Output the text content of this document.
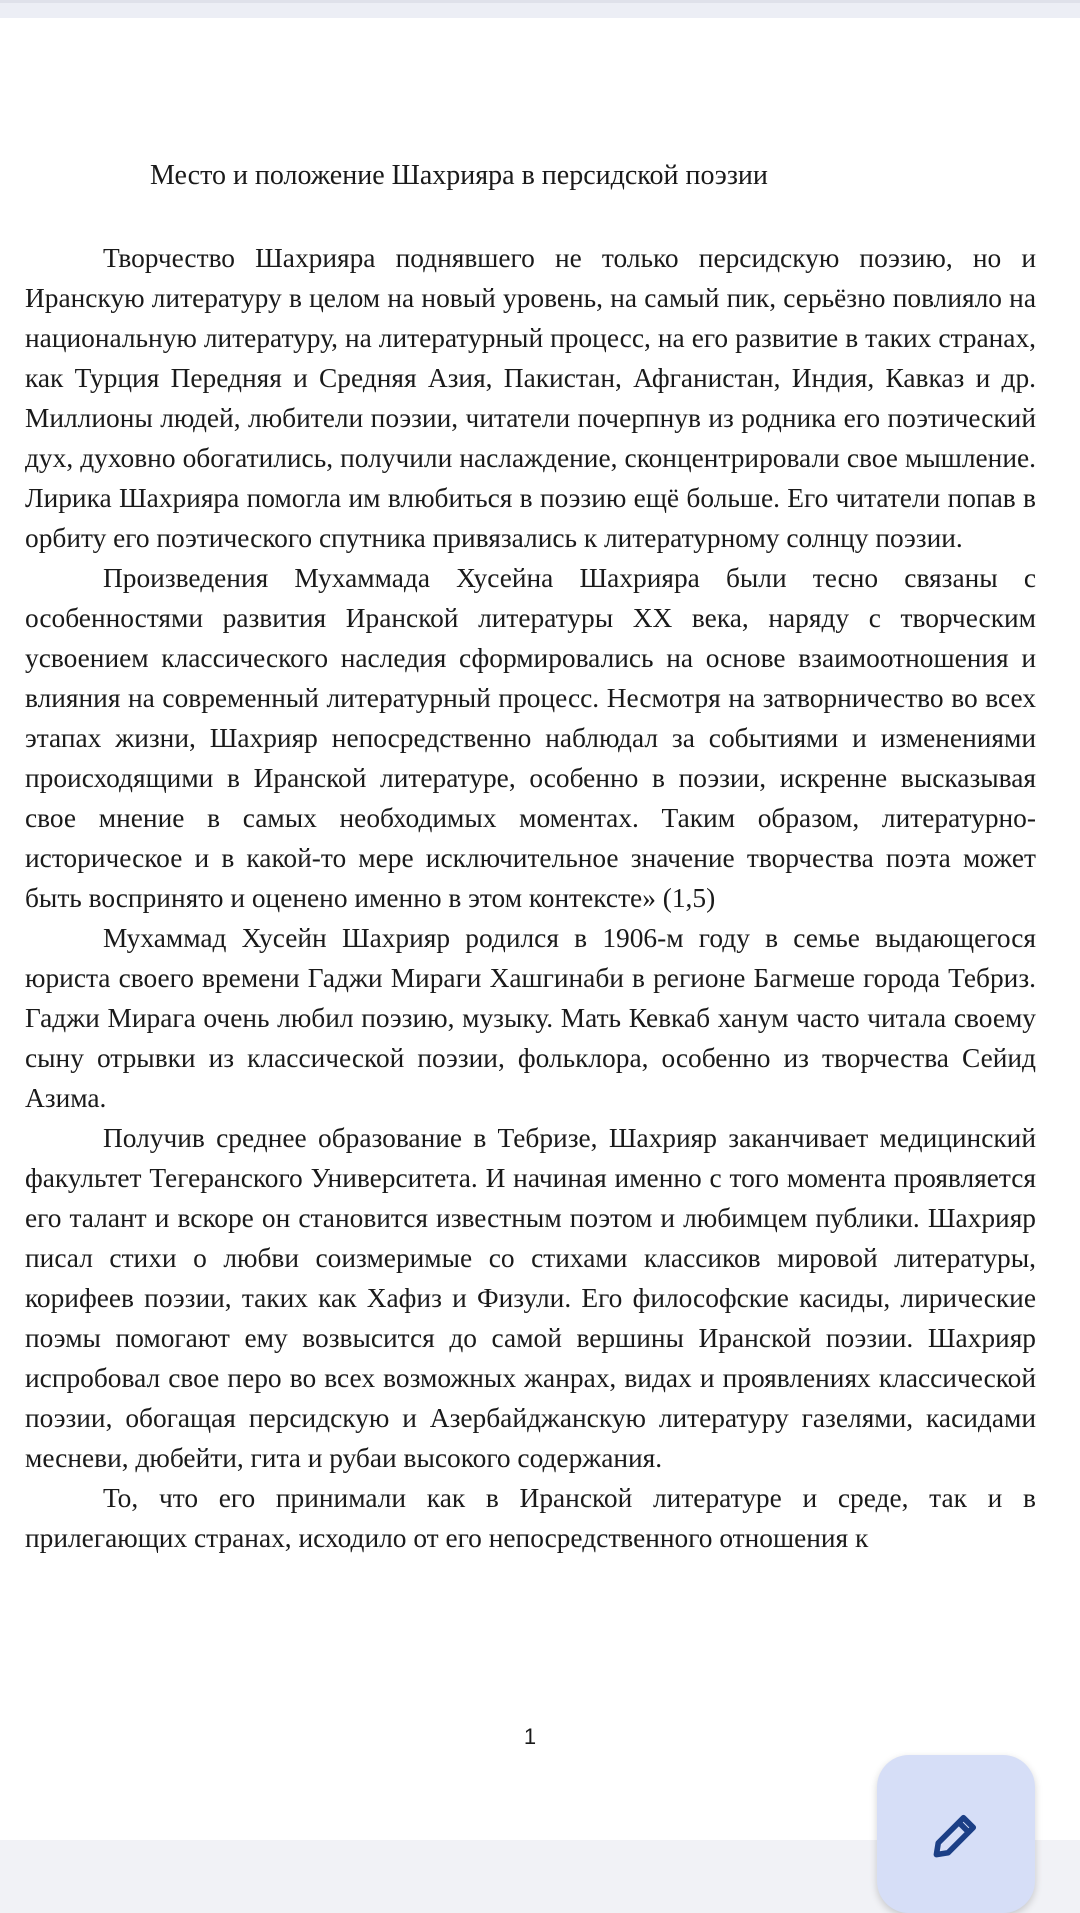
Место и положение Шахрияра в персидской поэзии

Творчество Шахрияра поднявшего не только персидскую поэзию, но и Иранскую литературу в целом на новый уровень, на самый пик, серьёзно повлияло на национальную литературу, на литературный процесс, на его развитие в таких странах, как Турция Передняя и Средняя Азия, Пакистан, Афганистан, Индия, Кавказ и др. Миллионы людей, любители поэзии, читатели почерпнув из родника его поэтический дух, духовно обогатились, получили наслаждение, сконцентрировали свое мышление. Лирика Шахрияра помогла им влюбиться в поэзию ещё больше. Его читатели попав в орбиту его поэтического спутника привязались к литературному солнцу поэзии.

Произведения Мухаммада Хусейна Шахрияра были тесно связаны с особенностями развития Иранской литературы XX века, наряду с творческим усвоением классического наследия сформировались на основе взаимоотношения и влияния на современный литературный процесс. Несмотря на затворничество во всех этапах жизни, Шахрияр непосредственно наблюдал за событиями и изменениями происходящими в Иранской литературе, особенно в поэзии, искренне высказывая свое мнение в самых необходимых моментах. Таким образом, литературно-историческое и в какой-то мере исключительное значение творчества поэта может быть воспринято и оценено именно в этом контексте» (1,5)

Мухаммад Хусейн Шахрияр родился в 1906-м году в семье выдающегося юриста своего времени Гаджи Мираги Хашгинаби в регионе Багмеше города Тебриз. Гаджи Мирага очень любил поэзию, музыку. Мать Кевкаб ханум часто читала своему сыну отрывки из классической поэзии, фольклора, особенно из творчества Сейид Азима.

Получив среднее образование в Тебризе, Шахрияр заканчивает медицинский факультет Тегеранского Университета. И начиная именно с того момента проявляется его талант и вскоре он становится известным поэтом и любимцем публики. Шахрияр писал стихи о любви соизмеримые со стихами классиков мировой литературы, корифеев поэзии, таких как Хафиз и Физули. Его философские касиды, лирические поэмы помогают ему возвысится до самой вершины Иранской поэзии. Шахрияр испробовал свое перо во всех возможных жанрах, видах и проявлениях классической поэзии, обогащая персидскую и Азербайджанскую литературу газелями, касидами месневи, дюбейти, гита и рубаи высокого содержания.

То, что его принимали как в Иранской литературе и среде, так и в прилегающих странах, исходило от его непосредственного отношения к

1
